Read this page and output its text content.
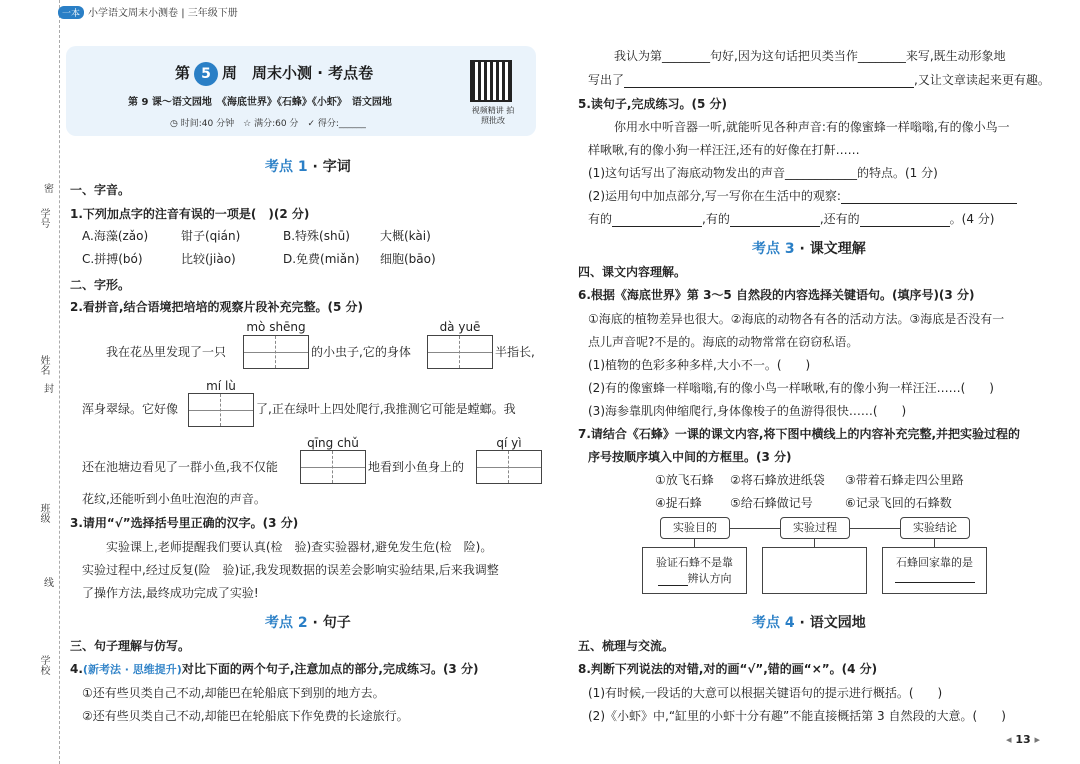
密
学号
姓名
封
班级
线
学校
一本 小学语文周末小测卷 | 三年级下册
第 5 周　周末小测 · 考点卷
第 9 课～语文园地　《海底世界》《石蜂》《小虾》　语文园地
◷ 时间:40 分钟　 ☆ 满分:60 分　 ✓ 得分:______
视频精讲 拍照批改
考点 1 · 字词
一、字音。
1.下列加点字的注音有误的一项是(　)(2 分)
A.海藻(zǎo)	钳子(qián)	B.特殊(shū)	大概(kài)
C.拼搏(bó)	比较(jiào)	D.免费(miǎn) 细胞(bāo)
二、字形。
2.看拼音,结合语境把培培的观察片段补充完整。(5 分)
mò shēng	dà yuē
我在花丛里发现了一只	的小虫子,它的身体	半指长,
mí lù
浑身翠绿。它好像	了,正在绿叶上四处爬行,我推测它可能是螳螂。我
qīng chǔ	qí yì
还在池塘边看见了一群小鱼,我不仅能	地看到小鱼身上的
花纹,还能听到小鱼吐泡泡的声音。
3.请用“√”选择括号里正确的汉字。(3 分)
实验课上,老师提醒我们要认真(检　验)查实验器材,避免发生危(检　险)。
实验过程中,经过反复(险　验)证,我发现数据的误差会影响实验结果,后来我调整
了操作方法,最终成功完成了实验!
考点 2 · 句子
三、句子理解与仿写。
4.(新考法 · 思维提升)对比下面的两个句子,注意加点的部分,完成练习。(3 分)
①还有些贝类自己不动,却能巴在轮船底下到别的地方去。
②还有些贝类自己不动,却能巴在轮船底下作免费的长途旅行。
我认为第________句好,因为这句话把贝类当作________来写,既生动形象地
写出了	,又让文章读起来更有趣。
5.读句子,完成练习。(5 分)
你用水中听音器一听,就能听见各种声音:有的像蜜蜂一样嗡嗡,有的像小鸟一
样啾啾,有的像小狗一样汪汪,还有的好像在打鼾……
(1)这句话写出了海底动物发出的声音____________的特点。(1 分)
(2)运用句中加点部分,写一写你在生活中的观察:
有的	,有的	,还有的	。(4 分)
考点 3 · 课文理解
四、课文内容理解。
6.根据《海底世界》第 3～5 自然段的内容选择关键语句。(填序号)(3 分)
①海底的植物差异也很大。②海底的动物各有各的活动方法。③海底是否没有一
点儿声音呢?不是的。海底的动物常常在窃窃私语。
(1)植物的色彩多种多样,大小不一。(　　)
(2)有的像蜜蜂一样嗡嗡,有的像小鸟一样啾啾,有的像小狗一样汪汪……(　　)
(3)海参靠肌肉伸缩爬行,身体像梭子的鱼游得很快……(　　)
7.请结合《石蜂》一课的课文内容,将下图中横线上的内容补充完整,并把实验过程的
序号按顺序填入中间的方框里。(3 分)
①放飞石蜂 ②将石蜂放进纸袋 ③带着石蜂走四公里路
④捉石蜂 ⑤给石蜂做记号	⑥记录飞回的石蜂数
实验目的	实验过程	实验结论
验证石蜂不是靠
辨认方向
石蜂回家靠的是
考点 4 · 语文园地
五、梳理与交流。
8.判断下列说法的对错,对的画“√”,错的画“×”。(4 分)
(1)有时候,一段话的大意可以根据关键语句的提示进行概括。(　　)
(2)《小虾》中,“缸里的小虾十分有趣”不能直接概括第 3 自然段的大意。(　　)
◂ 13 ▸
